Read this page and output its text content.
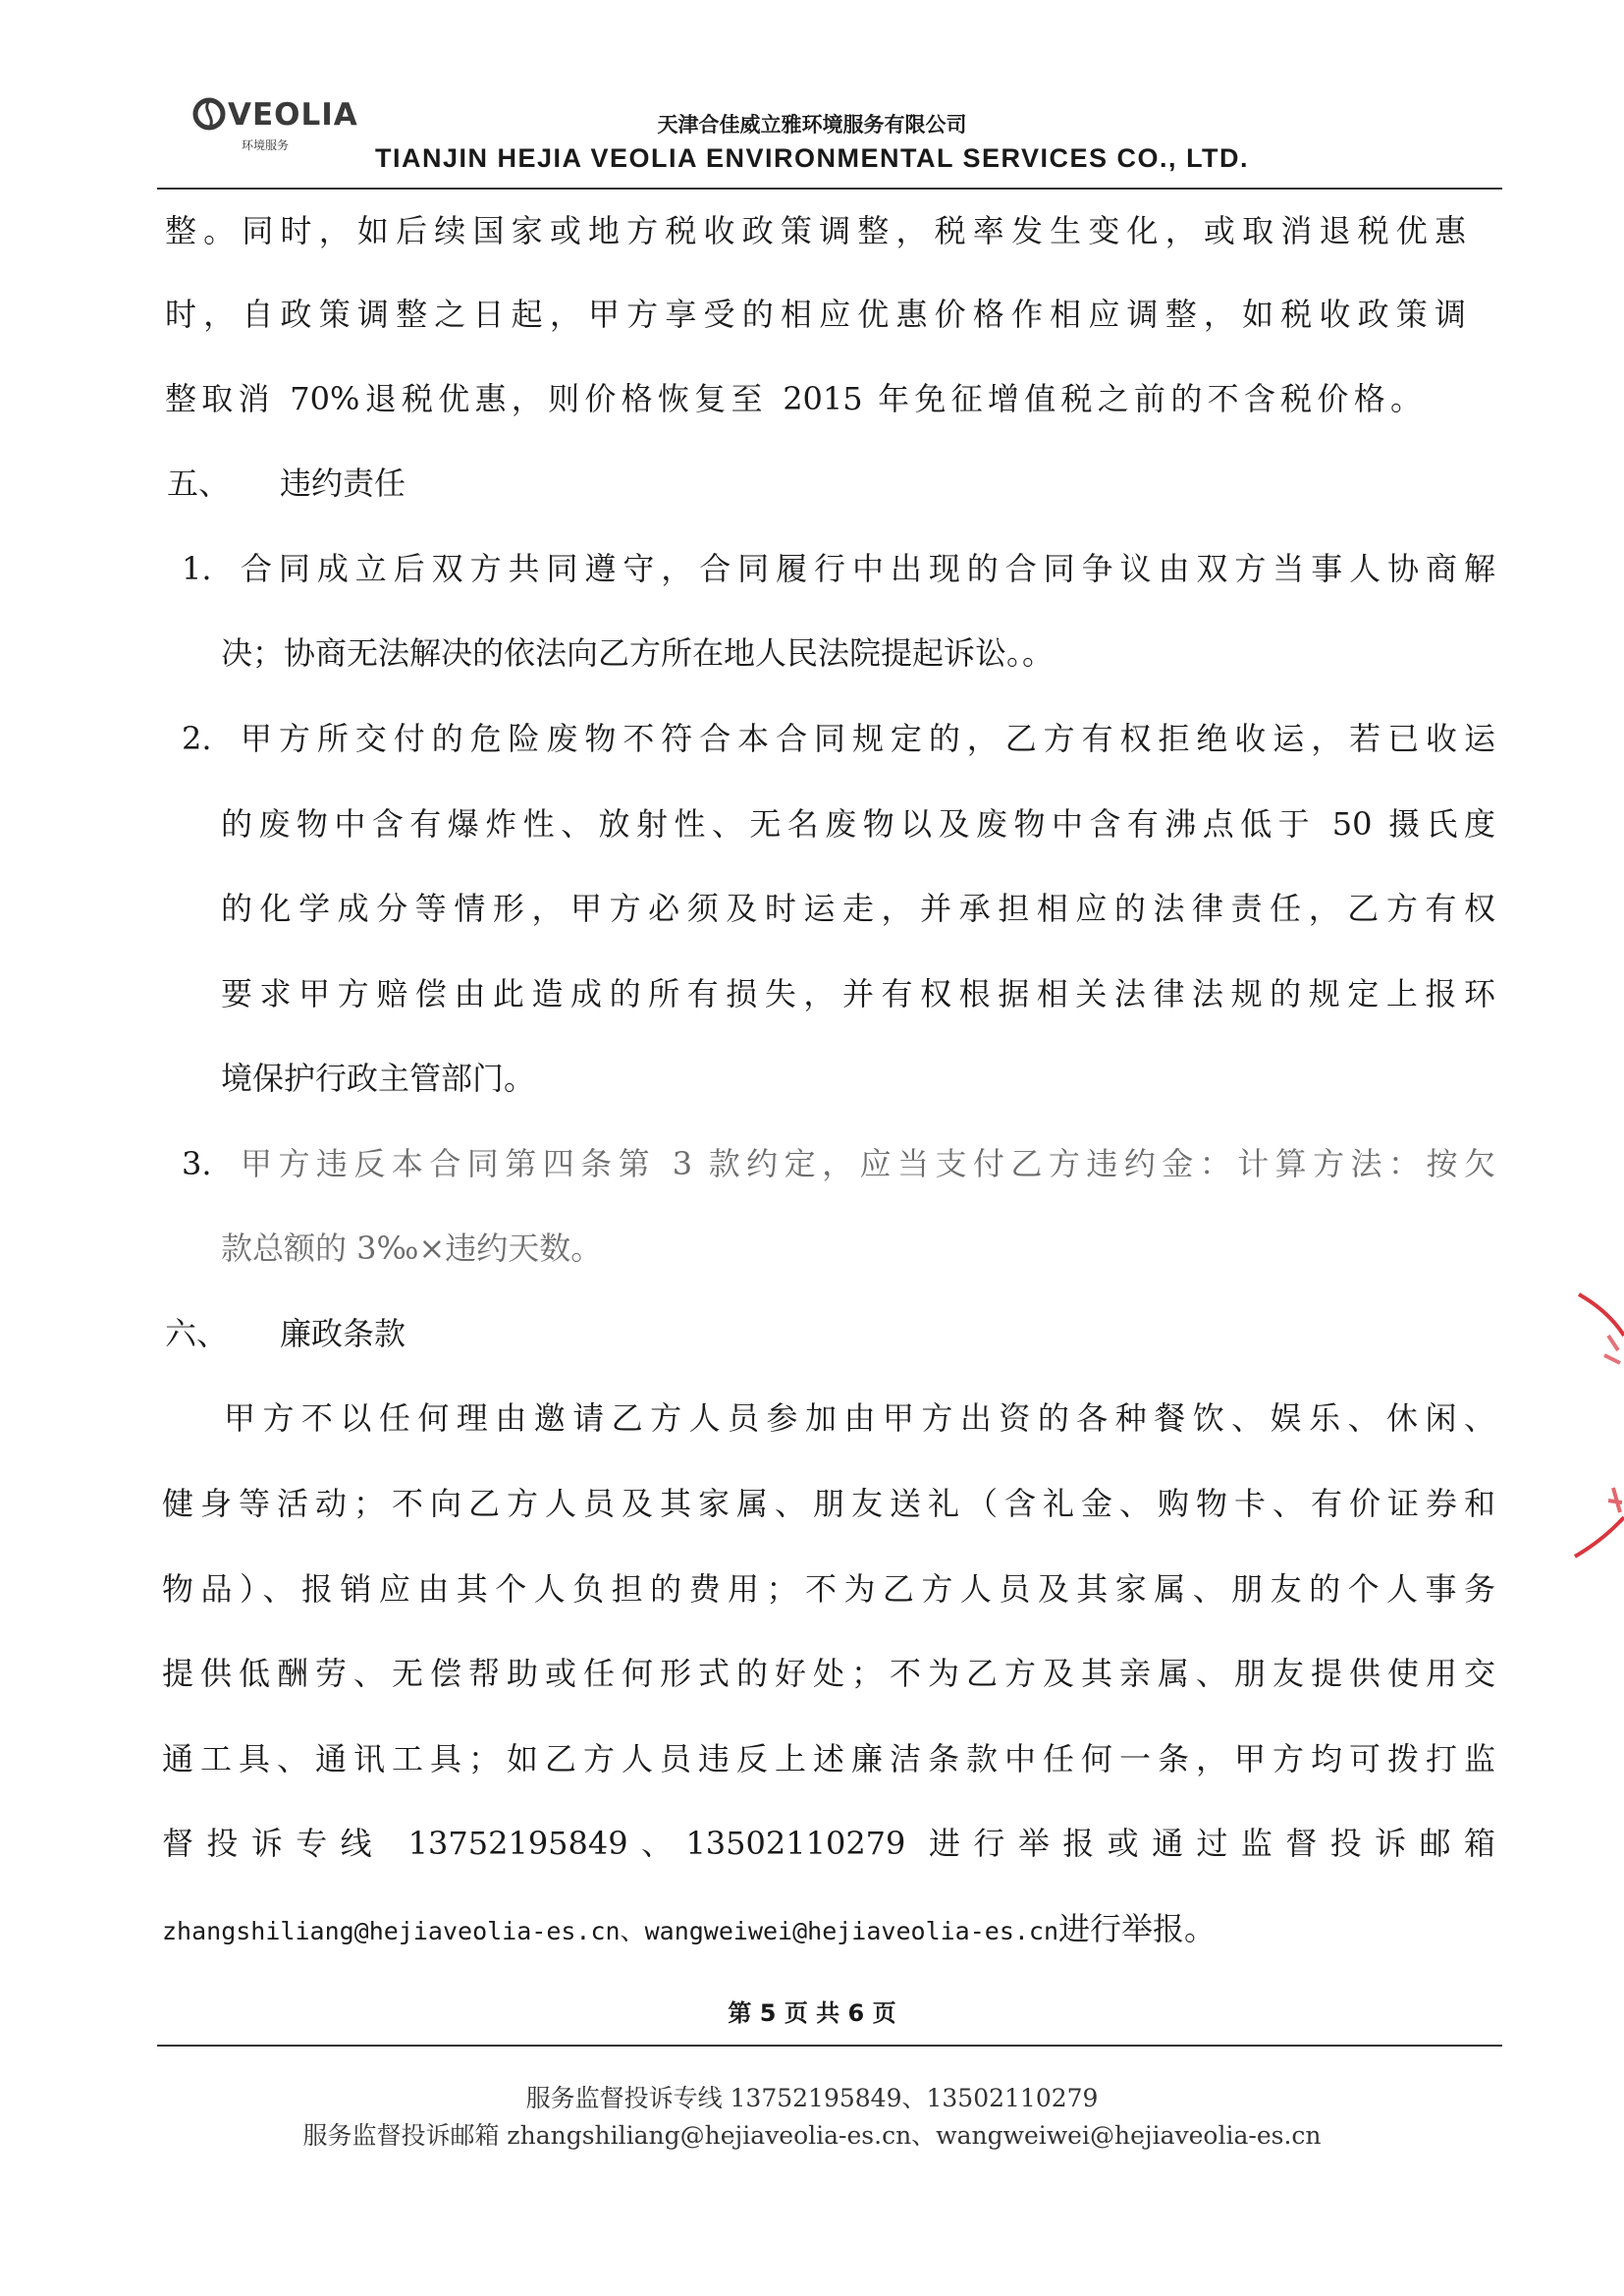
VEOLIA
环境服务
天津合佳威立雅环境服务有限公司
TIANJIN HEJIA VEOLIA ENVIRONMENTAL SERVICES CO., LTD.
整。同时，如后续国家或地方税收政策调整，税率发生变化，或取消退税优惠
时，自政策调整之日起，甲方享受的相应优惠价格作相应调整，如税收政策调
整取消 70%退税优惠，则价格恢复至 2015 年免征增值税之前的不含税价格。
五、 违约责任
1. 合同成立后双方共同遵守，合同履行中出现的合同争议由双方当事人协商解
决；协商无法解决的依法向乙方所在地人民法院提起诉讼。。
2. 甲方所交付的危险废物不符合本合同规定的，乙方有权拒绝收运，若已收运
的废物中含有爆炸性、放射性、无名废物以及废物中含有沸点低于 50 摄氏度
的化学成分等情形，甲方必须及时运走，并承担相应的法律责任，乙方有权
要求甲方赔偿由此造成的所有损失，并有权根据相关法律法规的规定上报环
境保护行政主管部门。
3. 甲方违反本合同第四条第 3 款约定，应当支付乙方违约金：计算方法：按欠
款总额的 3‰×违约天数。
六、 廉政条款
甲方不以任何理由邀请乙方人员参加由甲方出资的各种餐饮、娱乐、休闲、
健身等活动；不向乙方人员及其家属、朋友送礼（含礼金、购物卡、有价证券和
物品）、报销应由其个人负担的费用；不为乙方人员及其家属、朋友的个人事务
提供低酬劳、无偿帮助或任何形式的好处；不为乙方及其亲属、朋友提供使用交
通工具、通讯工具；如乙方人员违反上述廉洁条款中任何一条，甲方均可拨打监
督投诉专线 13752195849、13502110279 进行举报或通过监督投诉邮箱
zhangshiliang@hejiaveolia-es.cn、wangweiwei@hejiaveolia-es.cn进行举报。
第 5 页 共 6 页
服务监督投诉专线 13752195849、13502110279
服务监督投诉邮箱 zhangshiliang@hejiaveolia-es.cn、wangweiwei@hejiaveolia-es.cn
